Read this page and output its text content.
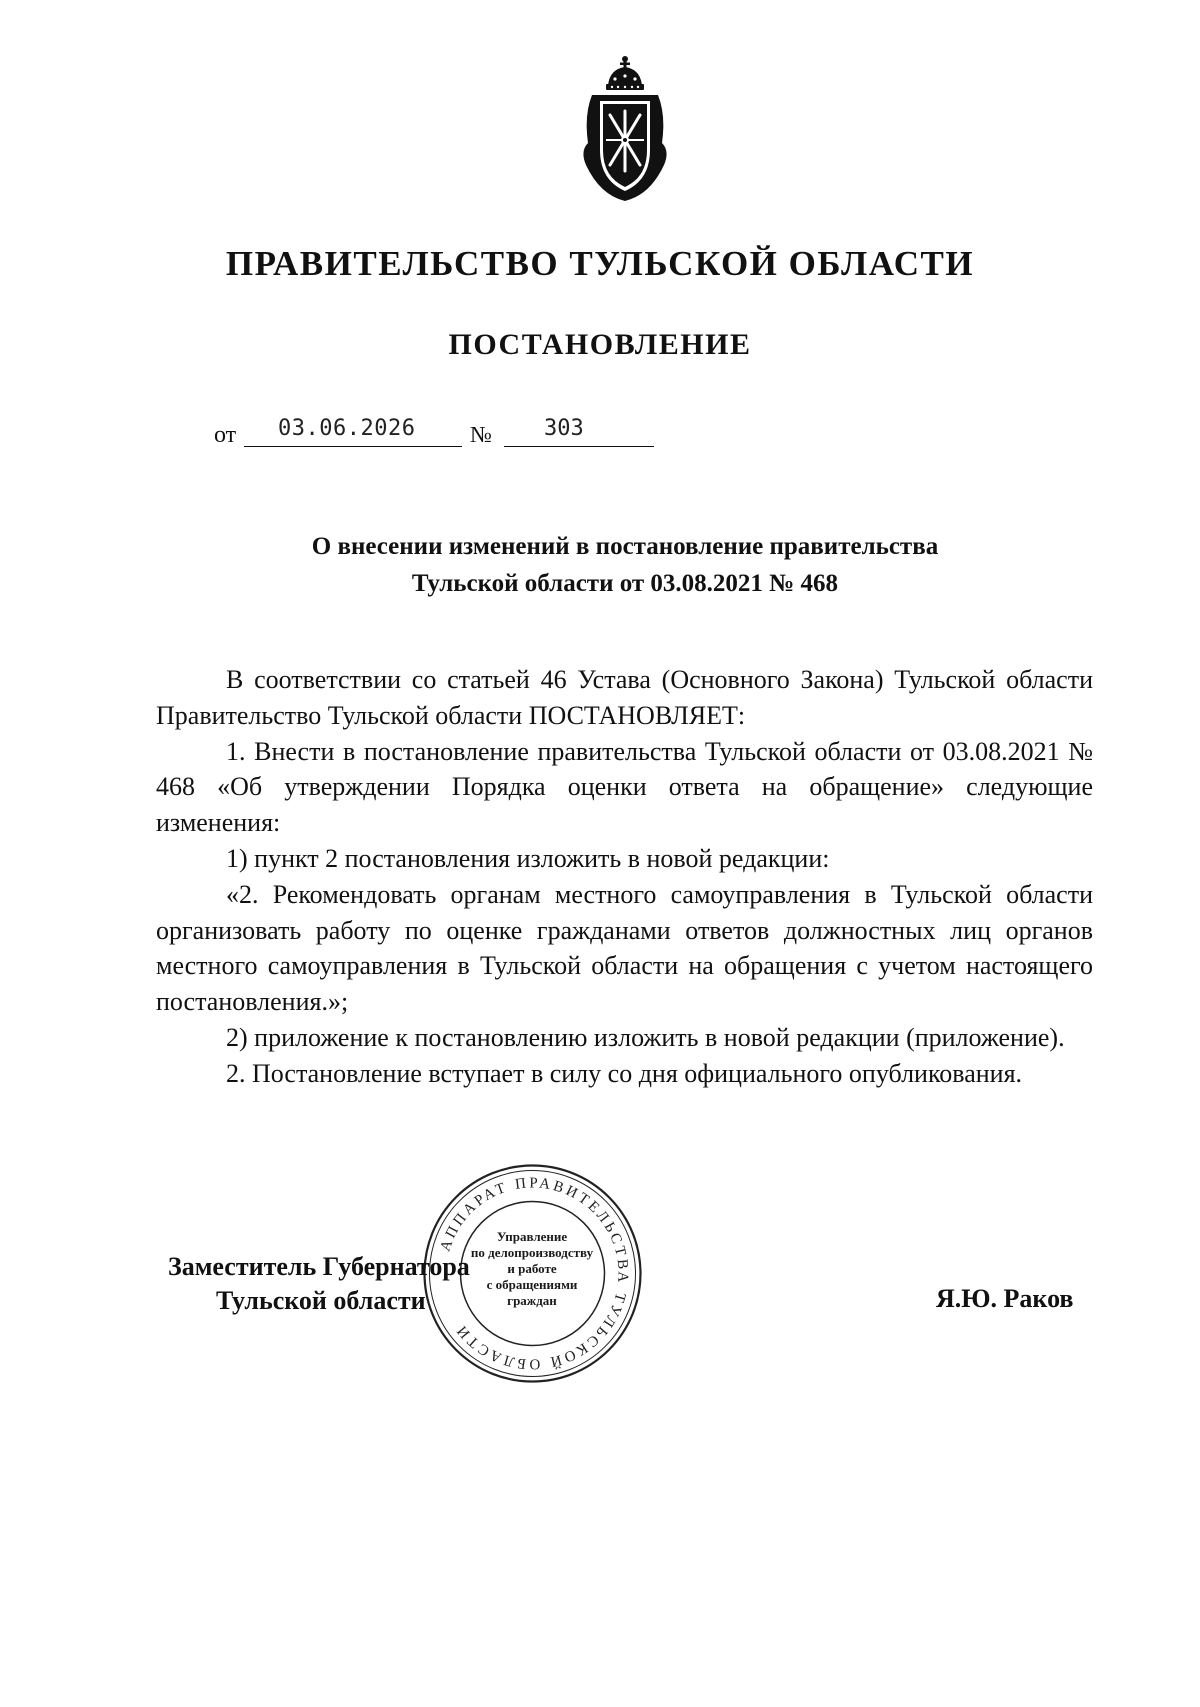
ПРАВИТЕЛЬСТВО ТУЛЬСКОЙ ОБЛАСТИ
ПОСТАНОВЛЕНИЕ
от 03.06.2026 № 303
О внесении изменений в постановление правительства
Тульской области от 03.08.2021 № 468

В соответствии со статьей 46 Устава (Основного Закона) Тульской области Правительство Тульской области ПОСТАНОВЛЯЕТ:

1. Внести в постановление правительства Тульской области от 03.08.2021 № 468 «Об утверждении Порядка оценки ответа на обращение» следующие изменения:

1) пункт 2 постановления изложить в новой редакции:

«2. Рекомендовать органам местного самоуправления в Тульской области организовать работу по оценке гражданами ответов должностных лиц органов местного самоуправления в Тульской области на обращения с учетом настоящего постановления.»;

2) приложение к постановлению изложить в новой редакции (приложение).

2. Постановление вступает в силу со дня официального опубликования.

АППАРАТ ПРАВИТЕЛЬСТВА ТУЛЬСКОЙ ОБЛАСТИ
Управление
по делопроизводству
и работе
с обращениями
граждан
Заместитель Губернатора
Тульской области	Я.Ю. Раков
